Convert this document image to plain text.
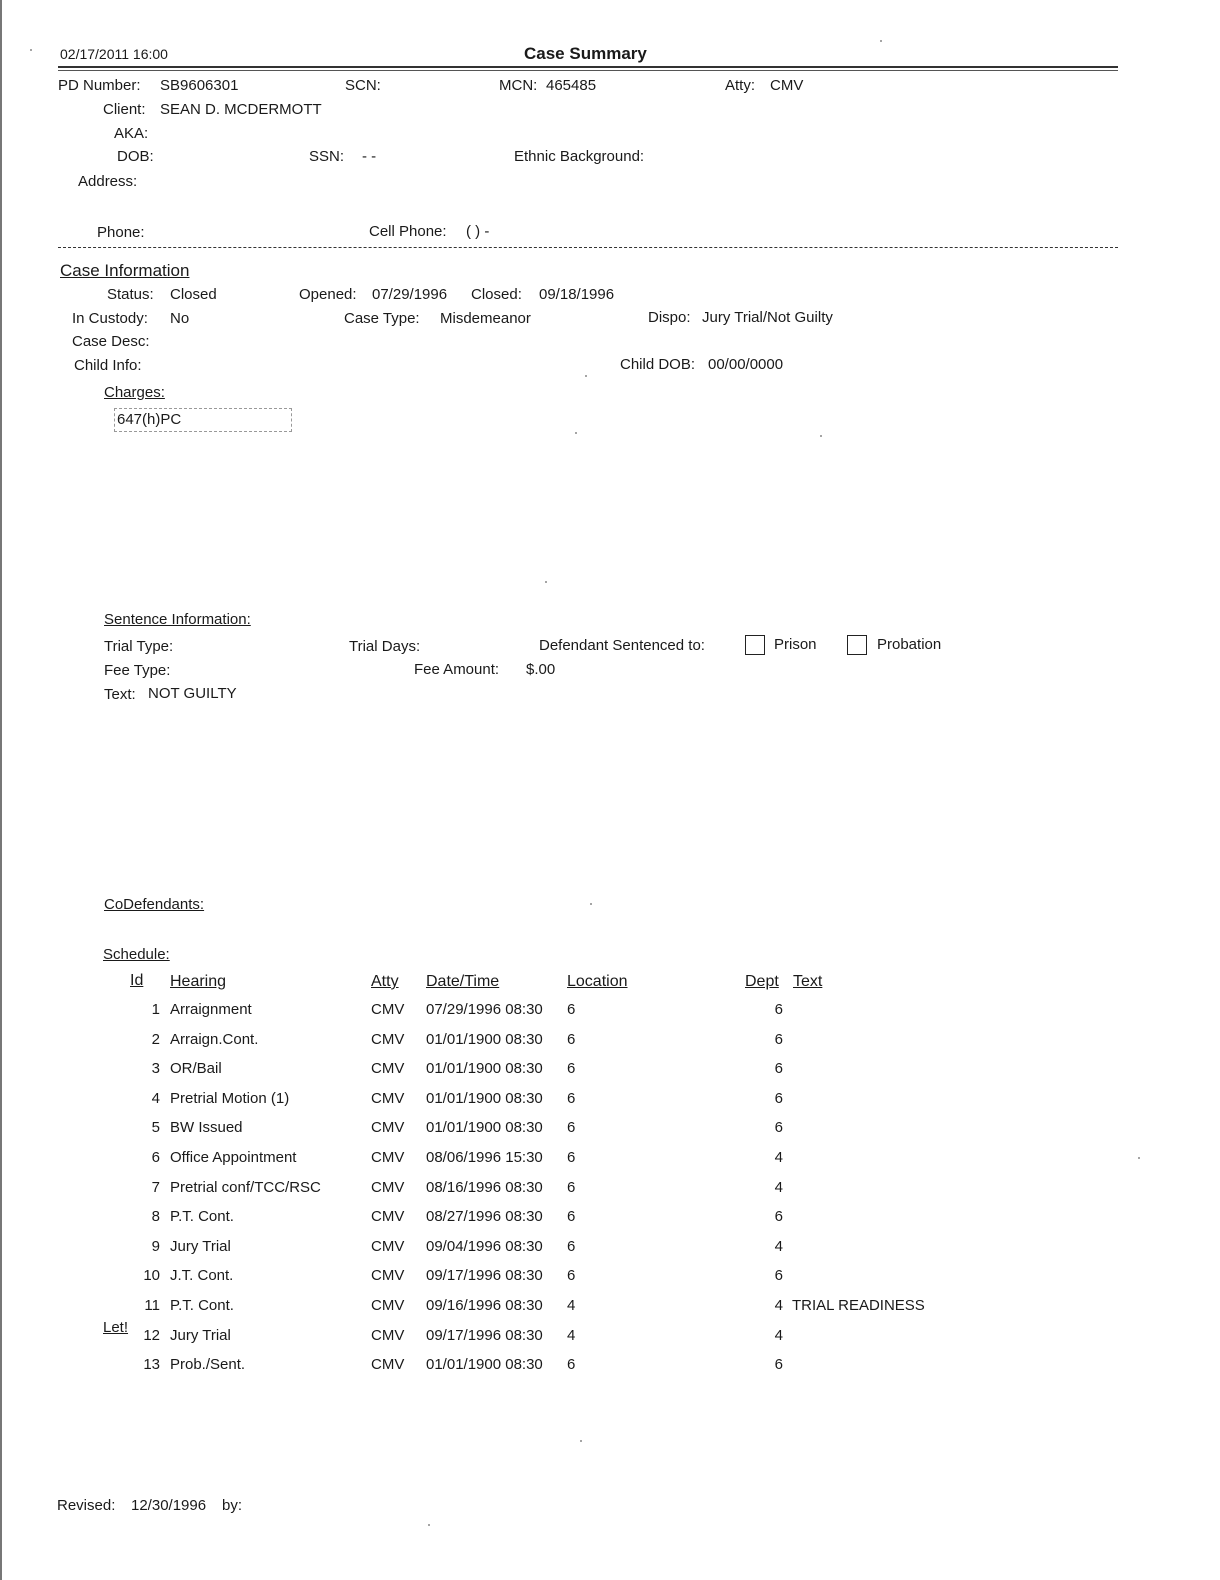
02/17/2011 16:00	Case Summary
PD Number: SB9606301	SCN:	MCN: 465485	Atty: CMV
Client: SEAN D. MCDERMOTT
AKA:
DOB:	SSN: - -	Ethnic Background:
Address:
Phone:	Cell Phone: ( ) -
Case Information
Status: Closed	Opened: 07/29/1996 Closed: 09/18/1996
In Custody: No	Case Type: Misdemeanor	Dispo: Jury Trial/Not Guilty
Case Desc:
Child Info:	Child DOB: 00/00/0000
Charges:
647(h)PC
Sentence Information:
Trial Type:	Trial Days:	Defendant Sentenced to:	Prison	Probation
Fee Type:	Fee Amount: $.00
Text: NOT GUILTY
CoDefendants:
Schedule:
Id Hearing	Atty Date/Time	Location	Dept Text
1 Arraignment	CMV 07/29/1996 08:30 6	6
2 Arraign.Cont.	CMV 01/01/1900 08:30 6	6
3 OR/Bail	CMV 01/01/1900 08:30 6	6
4 Pretrial Motion (1)	CMV 01/01/1900 08:30 6	6
5 BW Issued	CMV 01/01/1900 08:30 6	6
6 Office Appointment	CMV 08/06/1996 15:30 6	4
7 Pretrial conf/TCC/RSC	CMV 08/16/1996 08:30 6	4
8 P.T. Cont.	CMV 08/27/1996 08:30 6	6
9 Jury Trial	CMV 09/04/1996 08:30 6	4
10 J.T. Cont.	CMV 09/17/1996 08:30 6	6
11 P.T. Cont.	CMV 09/16/1996 08:30 4	4 TRIAL READINESS
12 Jury Trial	CMV 09/17/1996 08:30 4	4
13 Prob./Sent.	CMV 01/01/1900 08:30 6	6
Let!
Revised: 12/30/1996 by:
